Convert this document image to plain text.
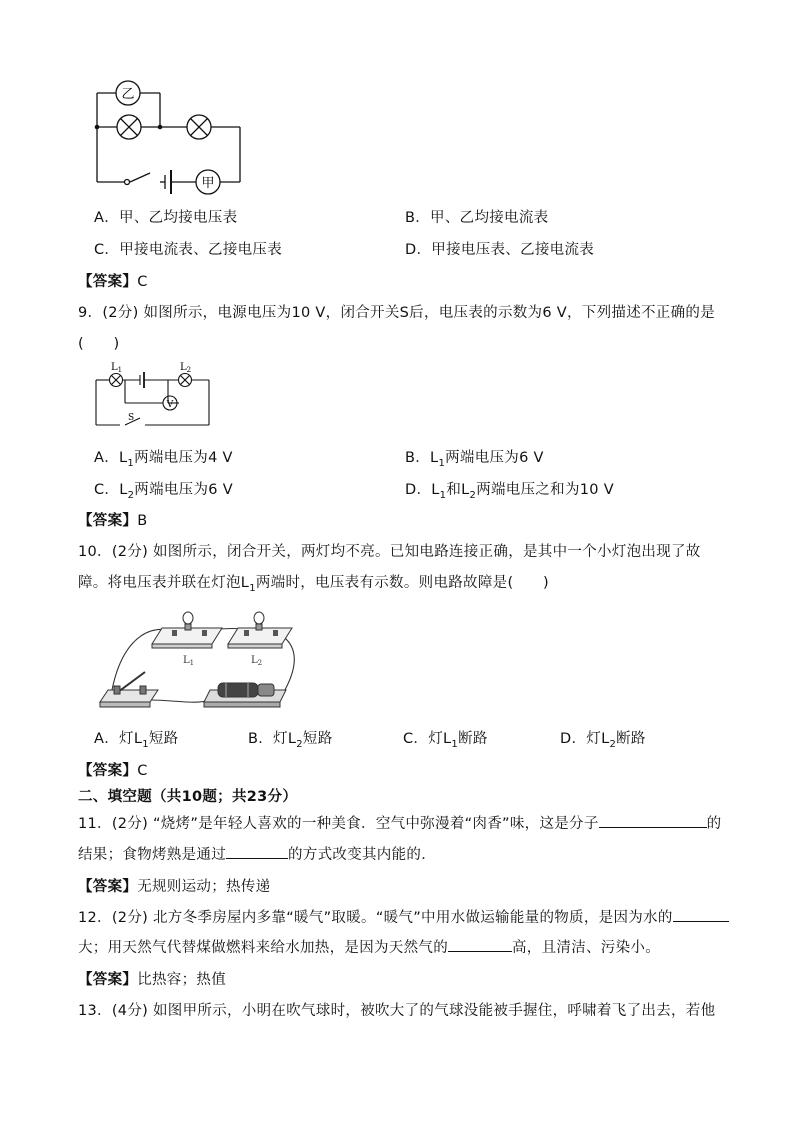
乙
甲
A．甲、乙均接电压表	B．甲、乙均接电流表
C．甲接电流表、乙接电压表	D．甲接电压表、乙接电流表
【答案】C
9．(2分) 如图所示，电源电压为10 V，闭合开关S后，电压表的示数为6 V，下列描述不正确的是
(　　)
$L_1$	$L_2$
V
S
A．$L_1$两端电压为4 V	B．$L_1$两端电压为6 V
C．$L_2$两端电压为6 V	D．$L_1$和$L_2$两端电压之和为10 V
【答案】B
10．(2分) 如图所示，闭合开关，两灯均不亮。已知电路连接正确，是其中一个小灯泡出现了故
障。将电压表并联在灯泡$L_1$两端时，电压表有示数。则电路故障是(　　)
$L_1$	$L_2$
A．灯$L_1$短路	B．灯$L_2$短路	C．灯$L_1$断路	D．灯$L_2$断路
【答案】C
二、填空题（共10题；共23分）
11．(2分) “烧烤”是年轻人喜欢的一种美食．空气中弥漫着“肉香”味，这是分子	的
结果；食物烤熟是通过	的方式改变其内能的．
【答案】无规则运动；热传递
12．(2分) 北方冬季房屋内多靠“暖气”取暖。“暖气”中用水做运输能量的物质，是因为水的
大；用天然气代替煤做燃料来给水加热，是因为天然气的	高，且清洁、污染小。
【答案】比热容；热值
13．(4分) 如图甲所示，小明在吹气球时，被吹大了的气球没能被手握住，呼啸着飞了出去，若他
